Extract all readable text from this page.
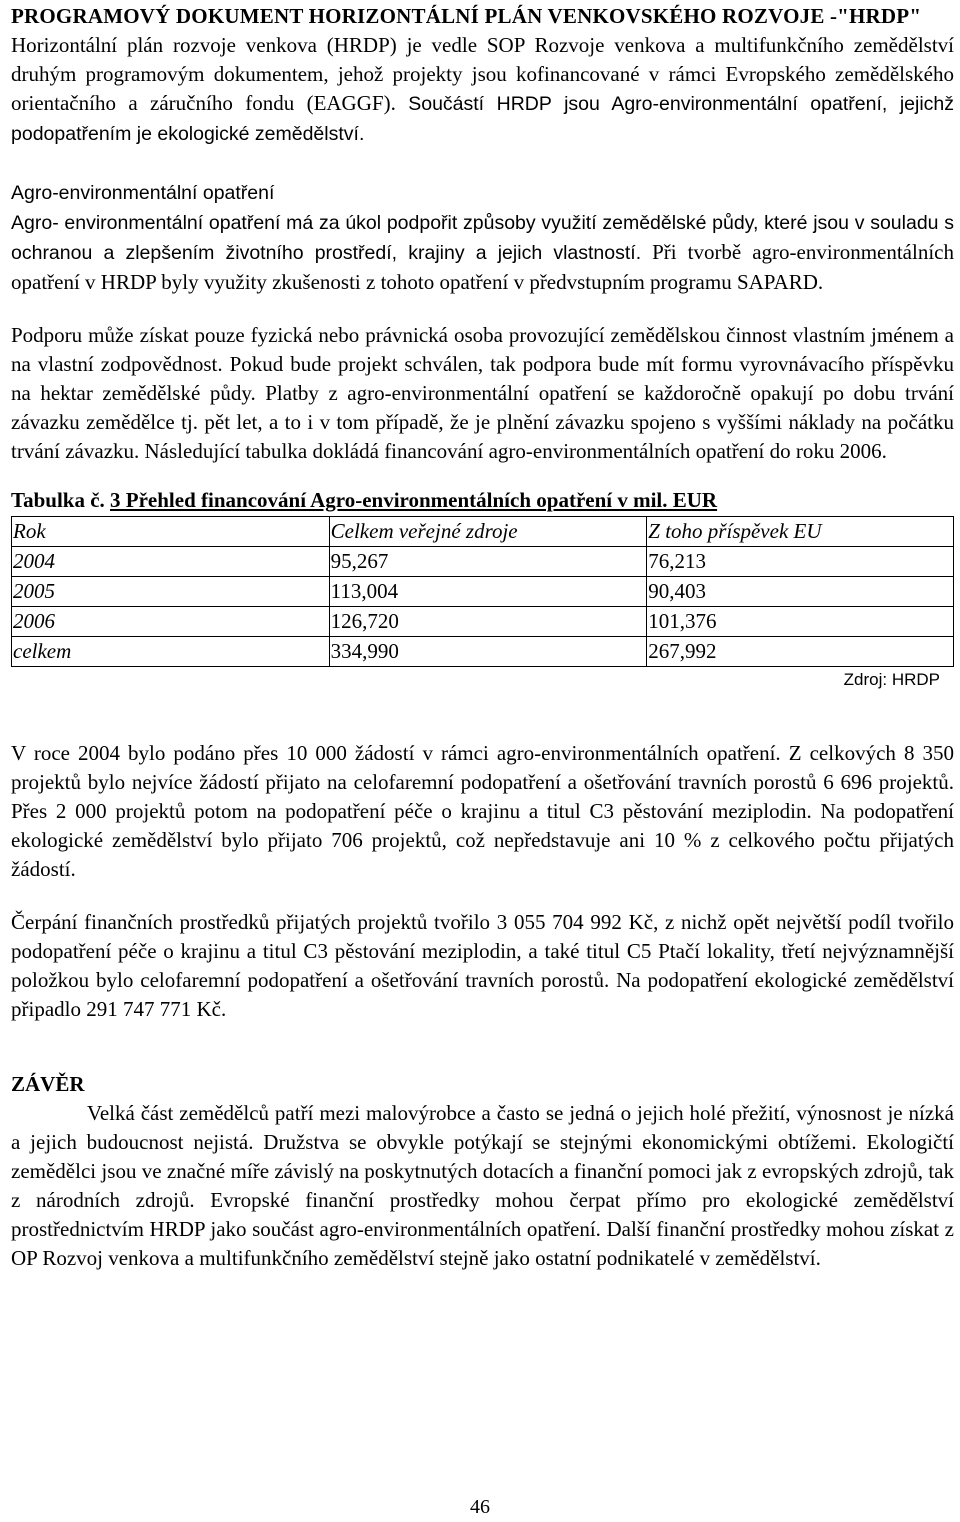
PROGRAMOVÝ DOKUMENT HORIZONTÁLNÍ PLÁN VENKOVSKÉHO ROZVOJE -"HRDP"

Horizontální plán rozvoje venkova (HRDP) je vedle SOP Rozvoje venkova a multifunkčního zemědělství druhým programovým dokumentem, jehož projekty jsou kofinancované v rámci Evropského zemědělského orientačního a záručního fondu (EAGGF). Součástí HRDP jsou Agro-environmentální opatření, jejichž podopatřením je ekologické zemědělství.

Agro-environmentální opatření

Agro- environmentální opatření má za úkol podpořit způsoby využití zemědělské půdy, které jsou v souladu s ochranou a zlepšením životního prostředí, krajiny a jejich vlastností. Při tvorbě agro-environmentálních opatření v HRDP byly využity zkušenosti z tohoto opatření v předvstupním programu SAPARD.

Podporu může získat pouze fyzická nebo právnická osoba provozující zemědělskou činnost vlastním jménem a na vlastní zodpovědnost. Pokud bude projekt schválen, tak podpora bude mít formu vyrovnávacího příspěvku na hektar zemědělské půdy. Platby z agro-environmentální opatření se každoročně opakují po dobu trvání závazku zemědělce tj. pět let, a to i v tom případě, že je plnění závazku spojeno s vyššími náklady na počátku trvání závazku. Následující tabulka dokládá financování agro-environmentálních opatření do roku 2006.

Tabulka č. 3 Přehled financování Agro-environmentálních opatření v mil. EUR

Rok	Celkem veřejné zdroje	Z toho příspěvek EU
2004	95,267	76,213
2005	113,004	90,403
2006	126,720	101,376
celkem	334,990	267,992
Zdroj: HRDP

V roce 2004 bylo podáno přes 10 000 žádostí v rámci agro-environmentálních opatření. Z celkových 8 350 projektů bylo nejvíce žádostí přijato na celofaremní podopatření a ošetřování travních porostů 6 696 projektů. Přes 2 000 projektů potom na podopatření péče o krajinu a titul C3 pěstování meziplodin. Na podopatření ekologické zemědělství bylo přijato 706 projektů, což nepředstavuje ani 10 % z celkového počtu přijatých žádostí.

Čerpání finančních prostředků přijatých projektů tvořilo 3 055 704 992 Kč, z nichž opět největší podíl tvořilo podopatření péče o krajinu a titul C3 pěstování meziplodin, a také titul C5 Ptačí lokality, třetí nejvýznamnější položkou bylo celofaremní podopatření a ošetřování travních porostů. Na podopatření ekologické zemědělství připadlo 291 747 771 Kč.

ZÁVĚR

Velká část zemědělců patří mezi malovýrobce a často se jedná o jejich holé přežití, výnosnost je nízká a jejich budoucnost nejistá. Družstva se obvykle potýkají se stejnými ekonomickými obtížemi. Ekologičtí zemědělci jsou ve značné míře závislý na poskytnutých dotacích a finanční pomoci jak z evropských zdrojů, tak z národních zdrojů. Evropské finanční prostředky mohou čerpat přímo pro ekologické zemědělství prostřednictvím HRDP jako součást agro-environmentálních opatření. Další finanční prostředky mohou získat z OP Rozvoj venkova a multifunkčního zemědělství stejně jako ostatní podnikatelé v zemědělství.

46
